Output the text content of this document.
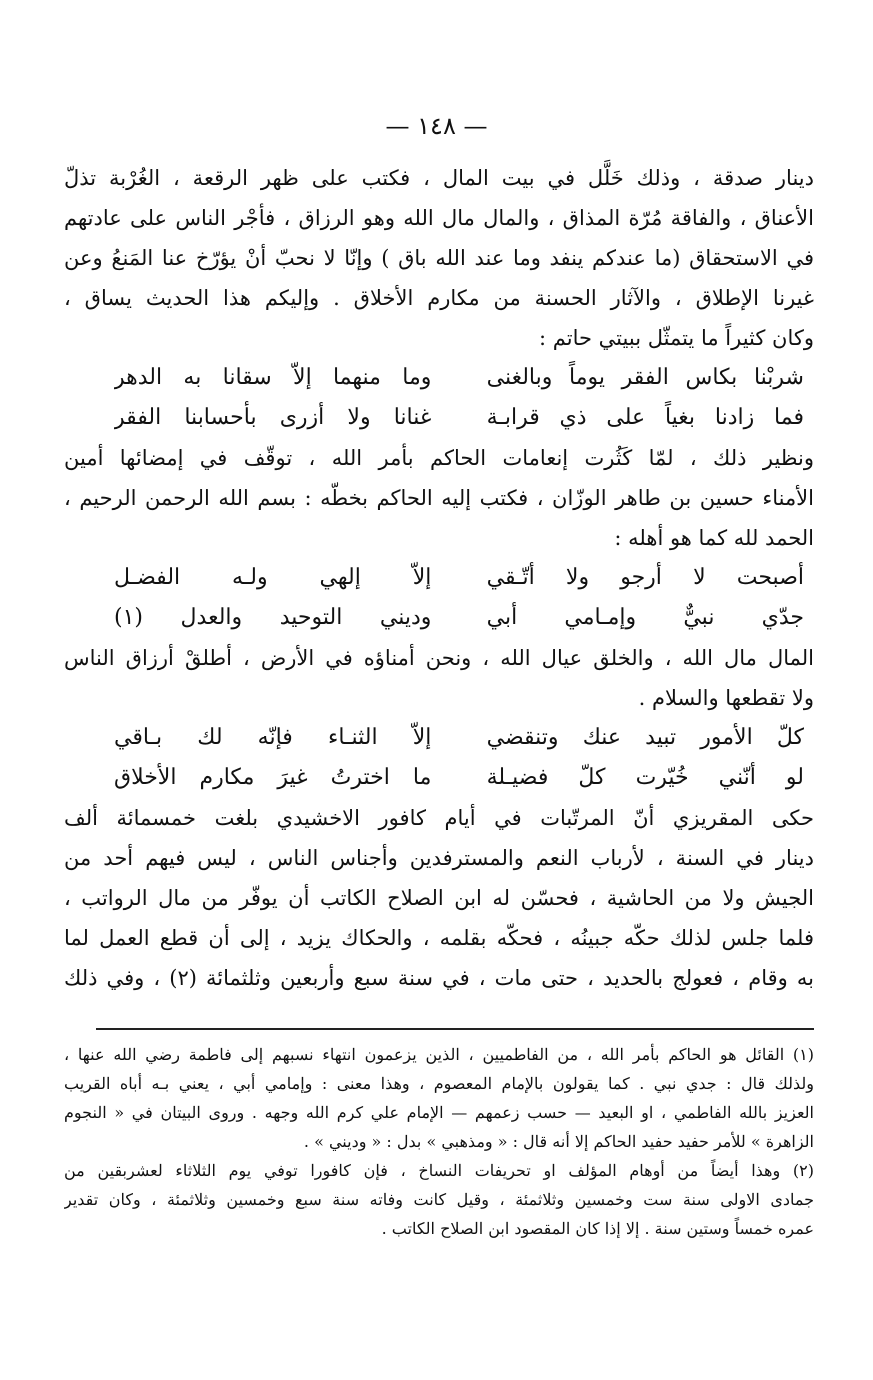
— ١٤٨ —
دينار صدقة ، وذلك خَلَّل في بيت المال ، فكتب على ظهر الرقعة ، الغُرْبة تذلّ
الأعناق ، والفاقة مُرّة المذاق ، والمال مال الله وهو الرزاق ، فأجْر الناس على عادتهم
في الاستحقاق (ما عندكم ينفد وما عند الله باق ) وإنّا لا نحبّ أنْ يؤرّخ عنا المَنعُ وعن
غيرنا الإطلاق ، والآثار الحسنة من مكارم الأخلاق . وإليكم هذا الحديث يساق ،
وكان كثيراً ما يتمثّل ببيتي حاتم :
شربْنا بكاس الفقر يوماً وبالغنى
وما منهما إلاّ سقانا به الدهر
فما زادنا بغياً على ذي قرابـة
غنانا ولا أزرى بأحسابنا الفقر
ونظير ذلك ، لمّا كَثُرت إنعامات الحاكم بأمر الله ، توقّف في إمضائها أمين
الأمناء حسين بن طاهر الوزّان ، فكتب إليه الحاكم بخطّه : بسم الله الرحمن الرحيم ،
الحمد لله كما هو أهله :
أصبحت لا أرجو ولا أتّـقي
إلاّ إلهي ولـه الفضـل
جدّي نبيٌّ وإمـامي أبي
وديني التوحيد والعدل (١)
المال مال الله ، والخلق عيال الله ، ونحن أمناؤه في الأرض ، أطلقْ أرزاق الناس
ولا تقطعها والسلام .
كلّ الأمور تبيد عنك وتنقضي
إلاّ الثنـاء فإنّه لك بـاقي
لو أنّني خُيّرت كلّ فضيـلة
ما اخترتُ غيرَ مكارم الأخلاق
حكى المقريزي أنّ المرتّبات في أيام كافور الاخشيدي بلغت خمسمائة ألف
دينار في السنة ، لأرباب النعم والمسترفدين وأجناس الناس ، ليس فيهم أحد من
الجيش ولا من الحاشية ، فحسّن له ابن الصلاح الكاتب أن يوفّر من مال الرواتب ،
فلما جلس لذلك حكّه جبينُه ، فحكّه بقلمه ، والحكاك يزيد ، إلى أن قطع العمل لما
به وقام ، فعولج بالحديد ، حتى مات ، في سنة سبع وأربعين وثلثمائة (٢) ، وفي ذلك
(١) القائل هو الحاكم بأمر الله ، من الفاطميين ، الذين يزعمون انتهاء نسبهم إلى فاطمة رضي الله عنها ،
ولذلك قال : جدي نبي . كما يقولون بالإمام المعصوم ، وهذا معنى : وإمامي أبي ، يعني بـه أباه القريب
العزيز بالله الفاطمي ، او البعيد — حسب زعمهم — الإمام علي كرم الله وجهه . وروى البيتان في « النجوم
الزاهرة » للأمر حفيد حفيد الحاكم إلا أنه قال : « ومذهبي » بدل : « وديني » .
(٢) وهذا أيضاً من أوهام المؤلف او تحريفات النساخ ، فإن كافورا توفي يوم الثلاثاء لعشربقين من
جمادى الاولى سنة ست وخمسين وثلاثمئة ، وقيل كانت وفاته سنة سبع وخمسين وثلاثمئة ، وكان تقدير
عمره خمساً وستين سنة . إلا إذا كان المقصود ابن الصلاح الكاتب .
